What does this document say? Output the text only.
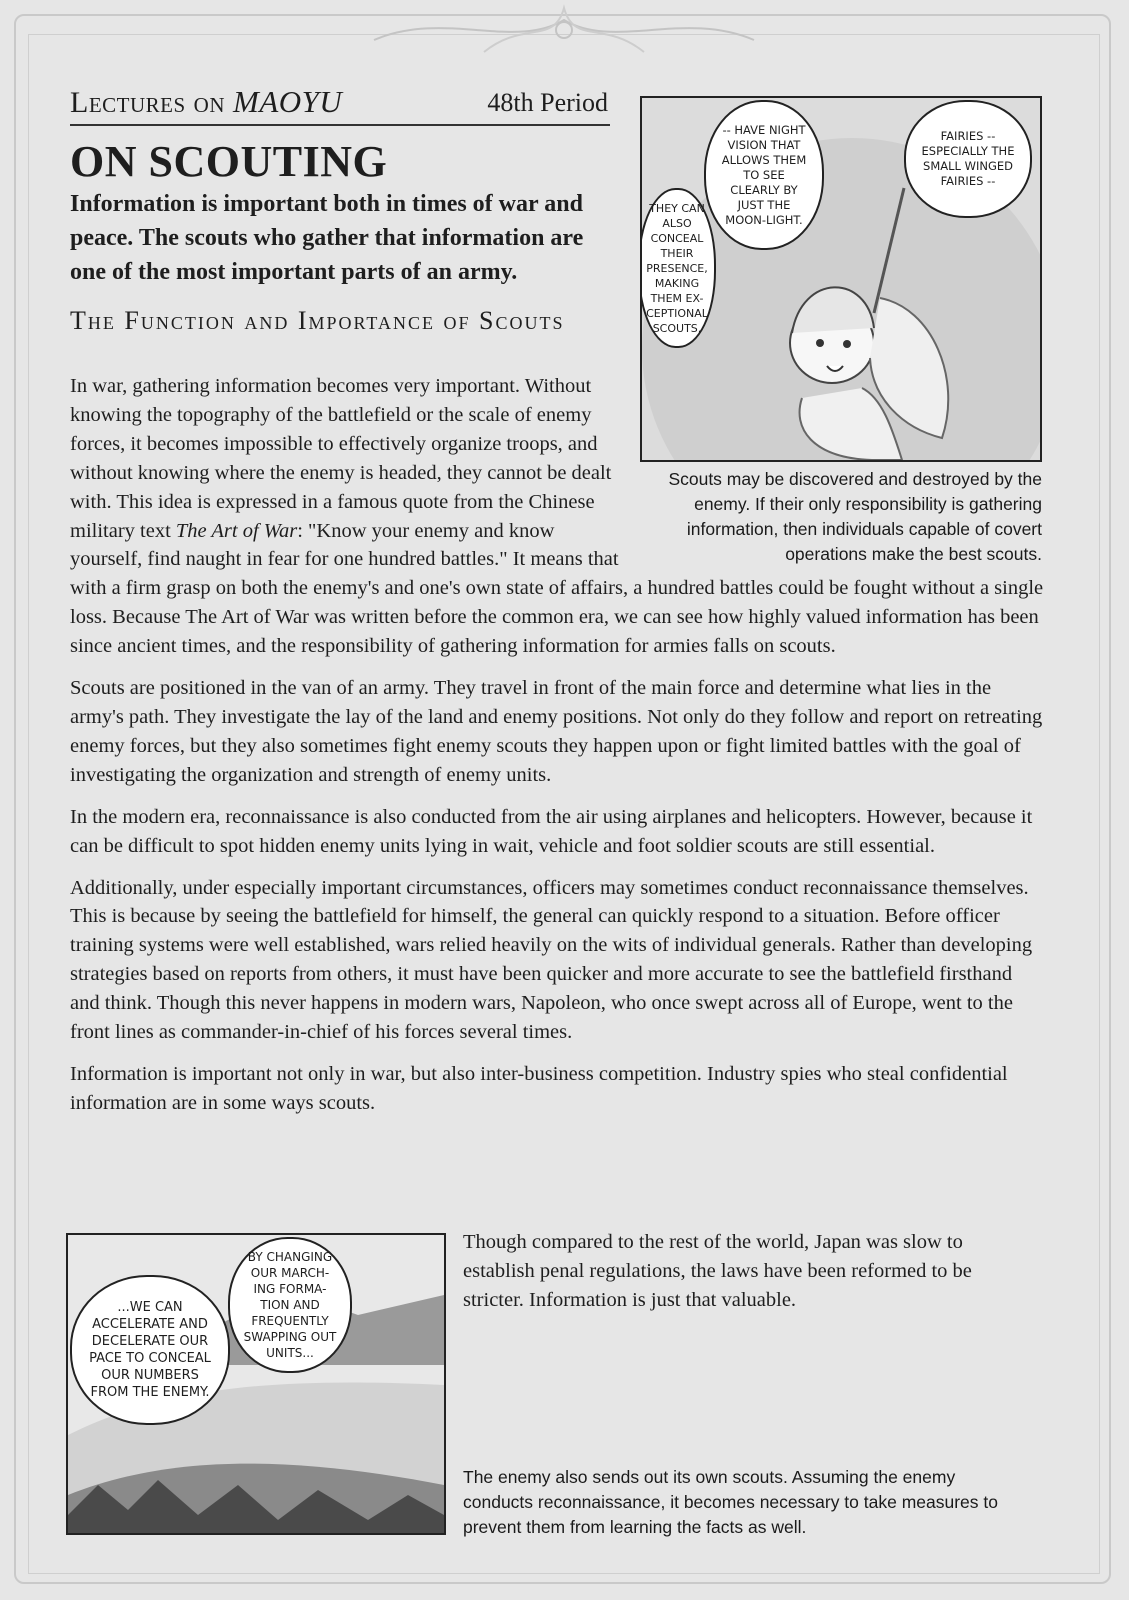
Lectures on MAOYU	48th Period
ON SCOUTING

Information is important both in times of war and peace. The scouts who gather that information are one of the most important parts of an army.

The Function and Importance of Scouts

In war, gathering information becomes very important. Without knowing the topography of the battlefield or the scale of enemy forces, it becomes impossible to effectively organize troops, and without knowing where the enemy is headed, they cannot be dealt with. This idea is expressed in a famous quote from the Chinese military text The Art of War: "Know your enemy and know yourself, find naught in fear for one hundred battles." It means that with a firm grasp on both the enemy's and one's own state of affairs, a hundred battles could be fought without a single loss. Because The Art of War was written before the common era, we can see how highly valued information has been since ancient times, and the responsibility of gathering information for armies falls on scouts.

Scouts are positioned in the van of an army. They travel in front of the main force and determine what lies in the army's path. They investigate the lay of the land and enemy positions. Not only do they follow and report on retreating enemy forces, but they also sometimes fight enemy scouts they happen upon or fight limited battles with the goal of investigating the organization and strength of enemy units.

In the modern era, reconnaissance is also conducted from the air using airplanes and helicopters. However, because it can be difficult to spot hidden enemy units lying in wait, vehicle and foot soldier scouts are still essential.

Additionally, under especially important circumstances, officers may sometimes conduct reconnaissance themselves. This is because by seeing the battlefield for himself, the general can quickly respond to a situation. Before officer training systems were well established, wars relied heavily on the wits of individual generals. Rather than developing strategies based on reports from others, it must have been quicker and more accurate to see the battlefield firsthand and think. Though this never happens in modern wars, Napoleon, who once swept across all of Europe, went to the front lines as commander-in-chief of his forces several times.

Information is important not only in war, but also inter-business competition. Industry spies who steal confidential information are in some ways scouts.

-- HAVE NIGHT VISION THAT ALLOWS THEM TO SEE CLEARLY BY JUST THE MOON-LIGHT.
FAIRIES -- ESPECIALLY THE SMALL WINGED FAIRIES --
THEY CAN ALSO CONCEAL THEIR PRESENCE, MAKING THEM EX-CEPTIONAL SCOUTS.
Scouts may be discovered and destroyed by the enemy. If their only responsibility is gathering information, then individuals capable of covert operations make the best scouts.
...WE CAN ACCELERATE AND DECELERATE OUR PACE TO CONCEAL OUR NUMBERS FROM THE ENEMY.
BY CHANGING OUR MARCH-ING FORMA-TION AND FREQUENTLY SWAPPING OUT UNITS...

Though compared to the rest of the world, Japan was slow to establish penal regulations, the laws have been reformed to be stricter. Information is just that valuable.

The enemy also sends out its own scouts. Assuming the enemy conducts reconnaissance, it becomes necessary to take measures to prevent them from learning the facts as well.
